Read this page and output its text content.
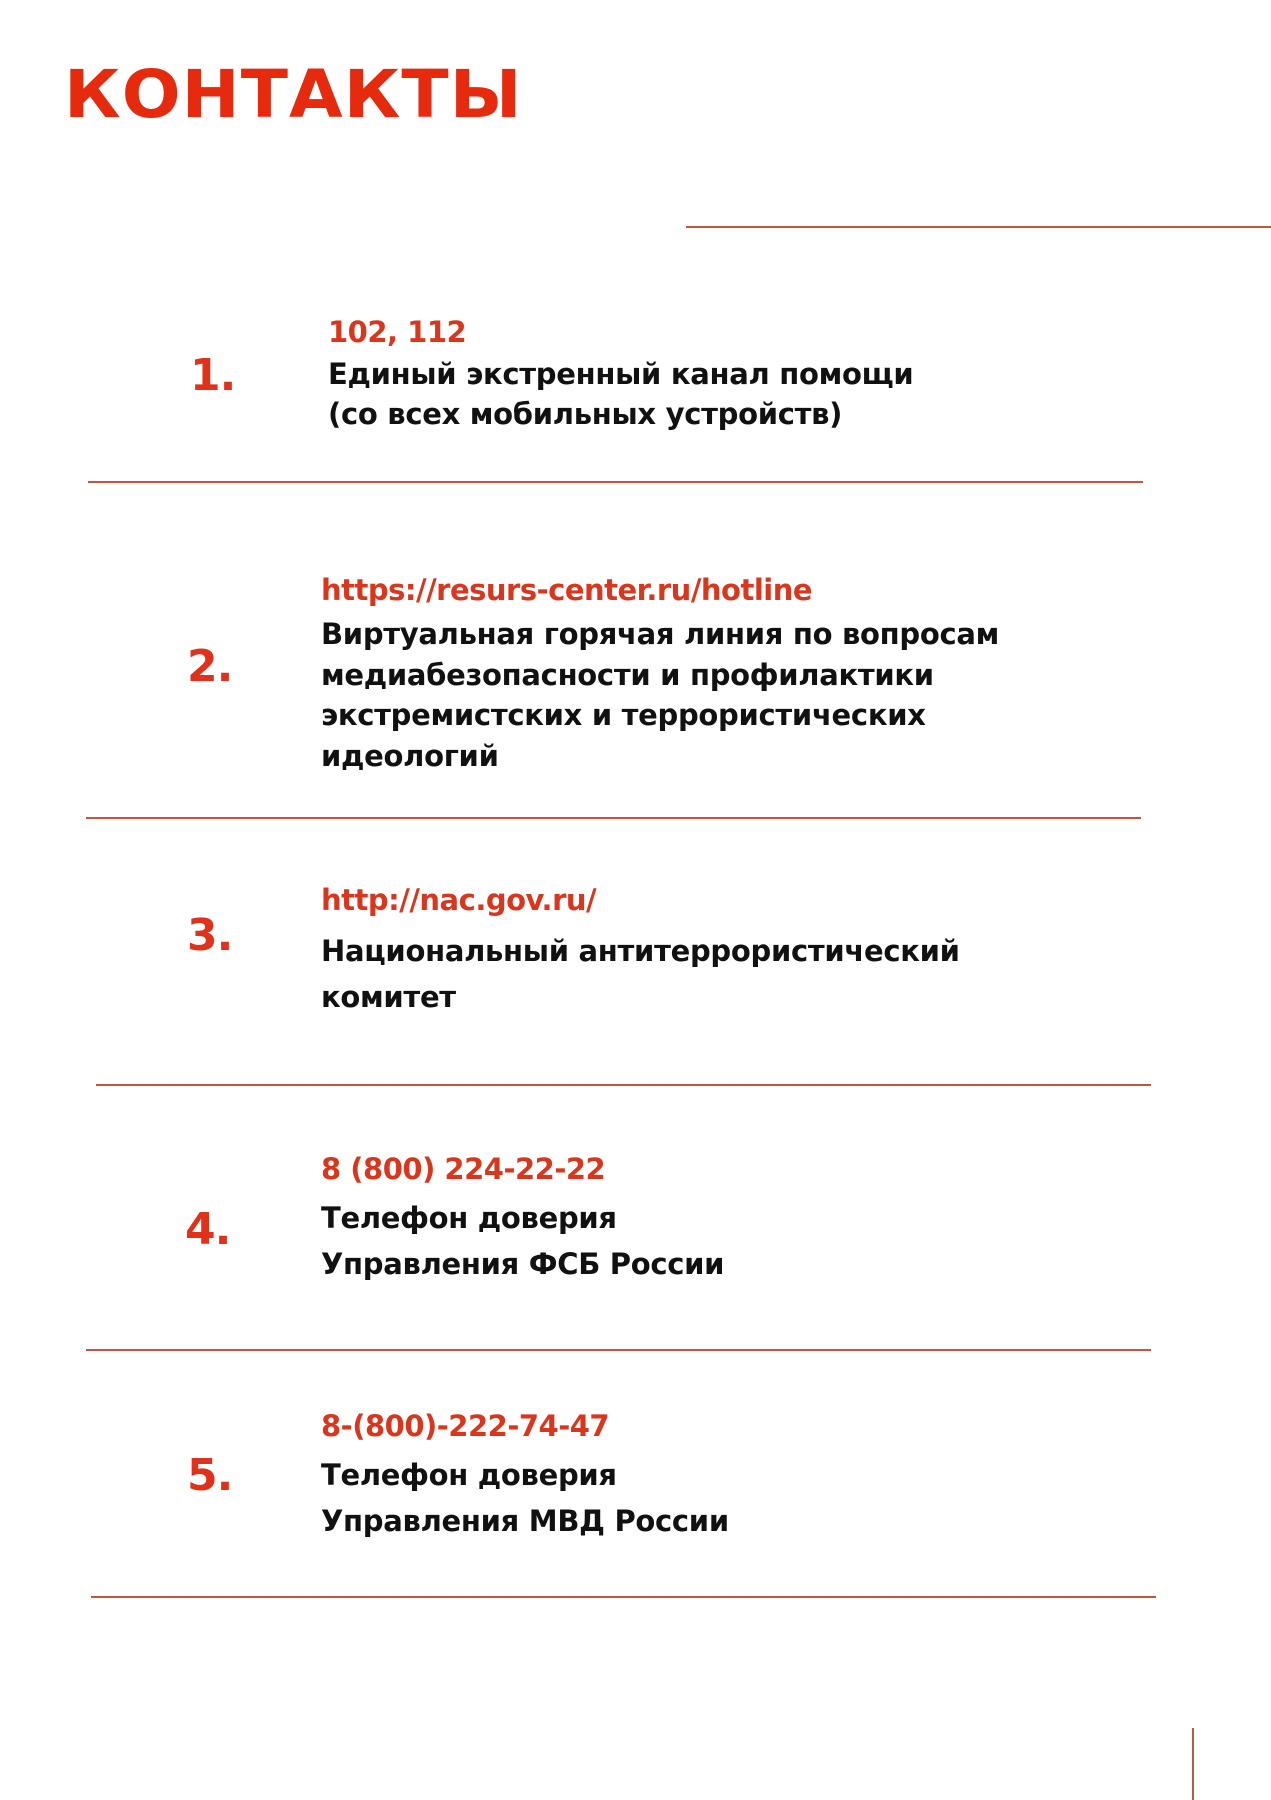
КОНТАКТЫ
1.
102, 112
Единый экстренный канал помощи
(со всех мобильных устройств)
2.
https://resurs-center.ru/hotline
Виртуальная горячая линия по вопросам
медиабезопасности и профилактики
экстремистских и террористических
идеологий
3.
http://nac.gov.ru/
Национальный антитеррористический
комитет
4.
8 (800) 224-22-22
Телефон доверия
Управления ФСБ России
5.
8-(800)-222-74-47
Телефон доверия
Управления МВД России
